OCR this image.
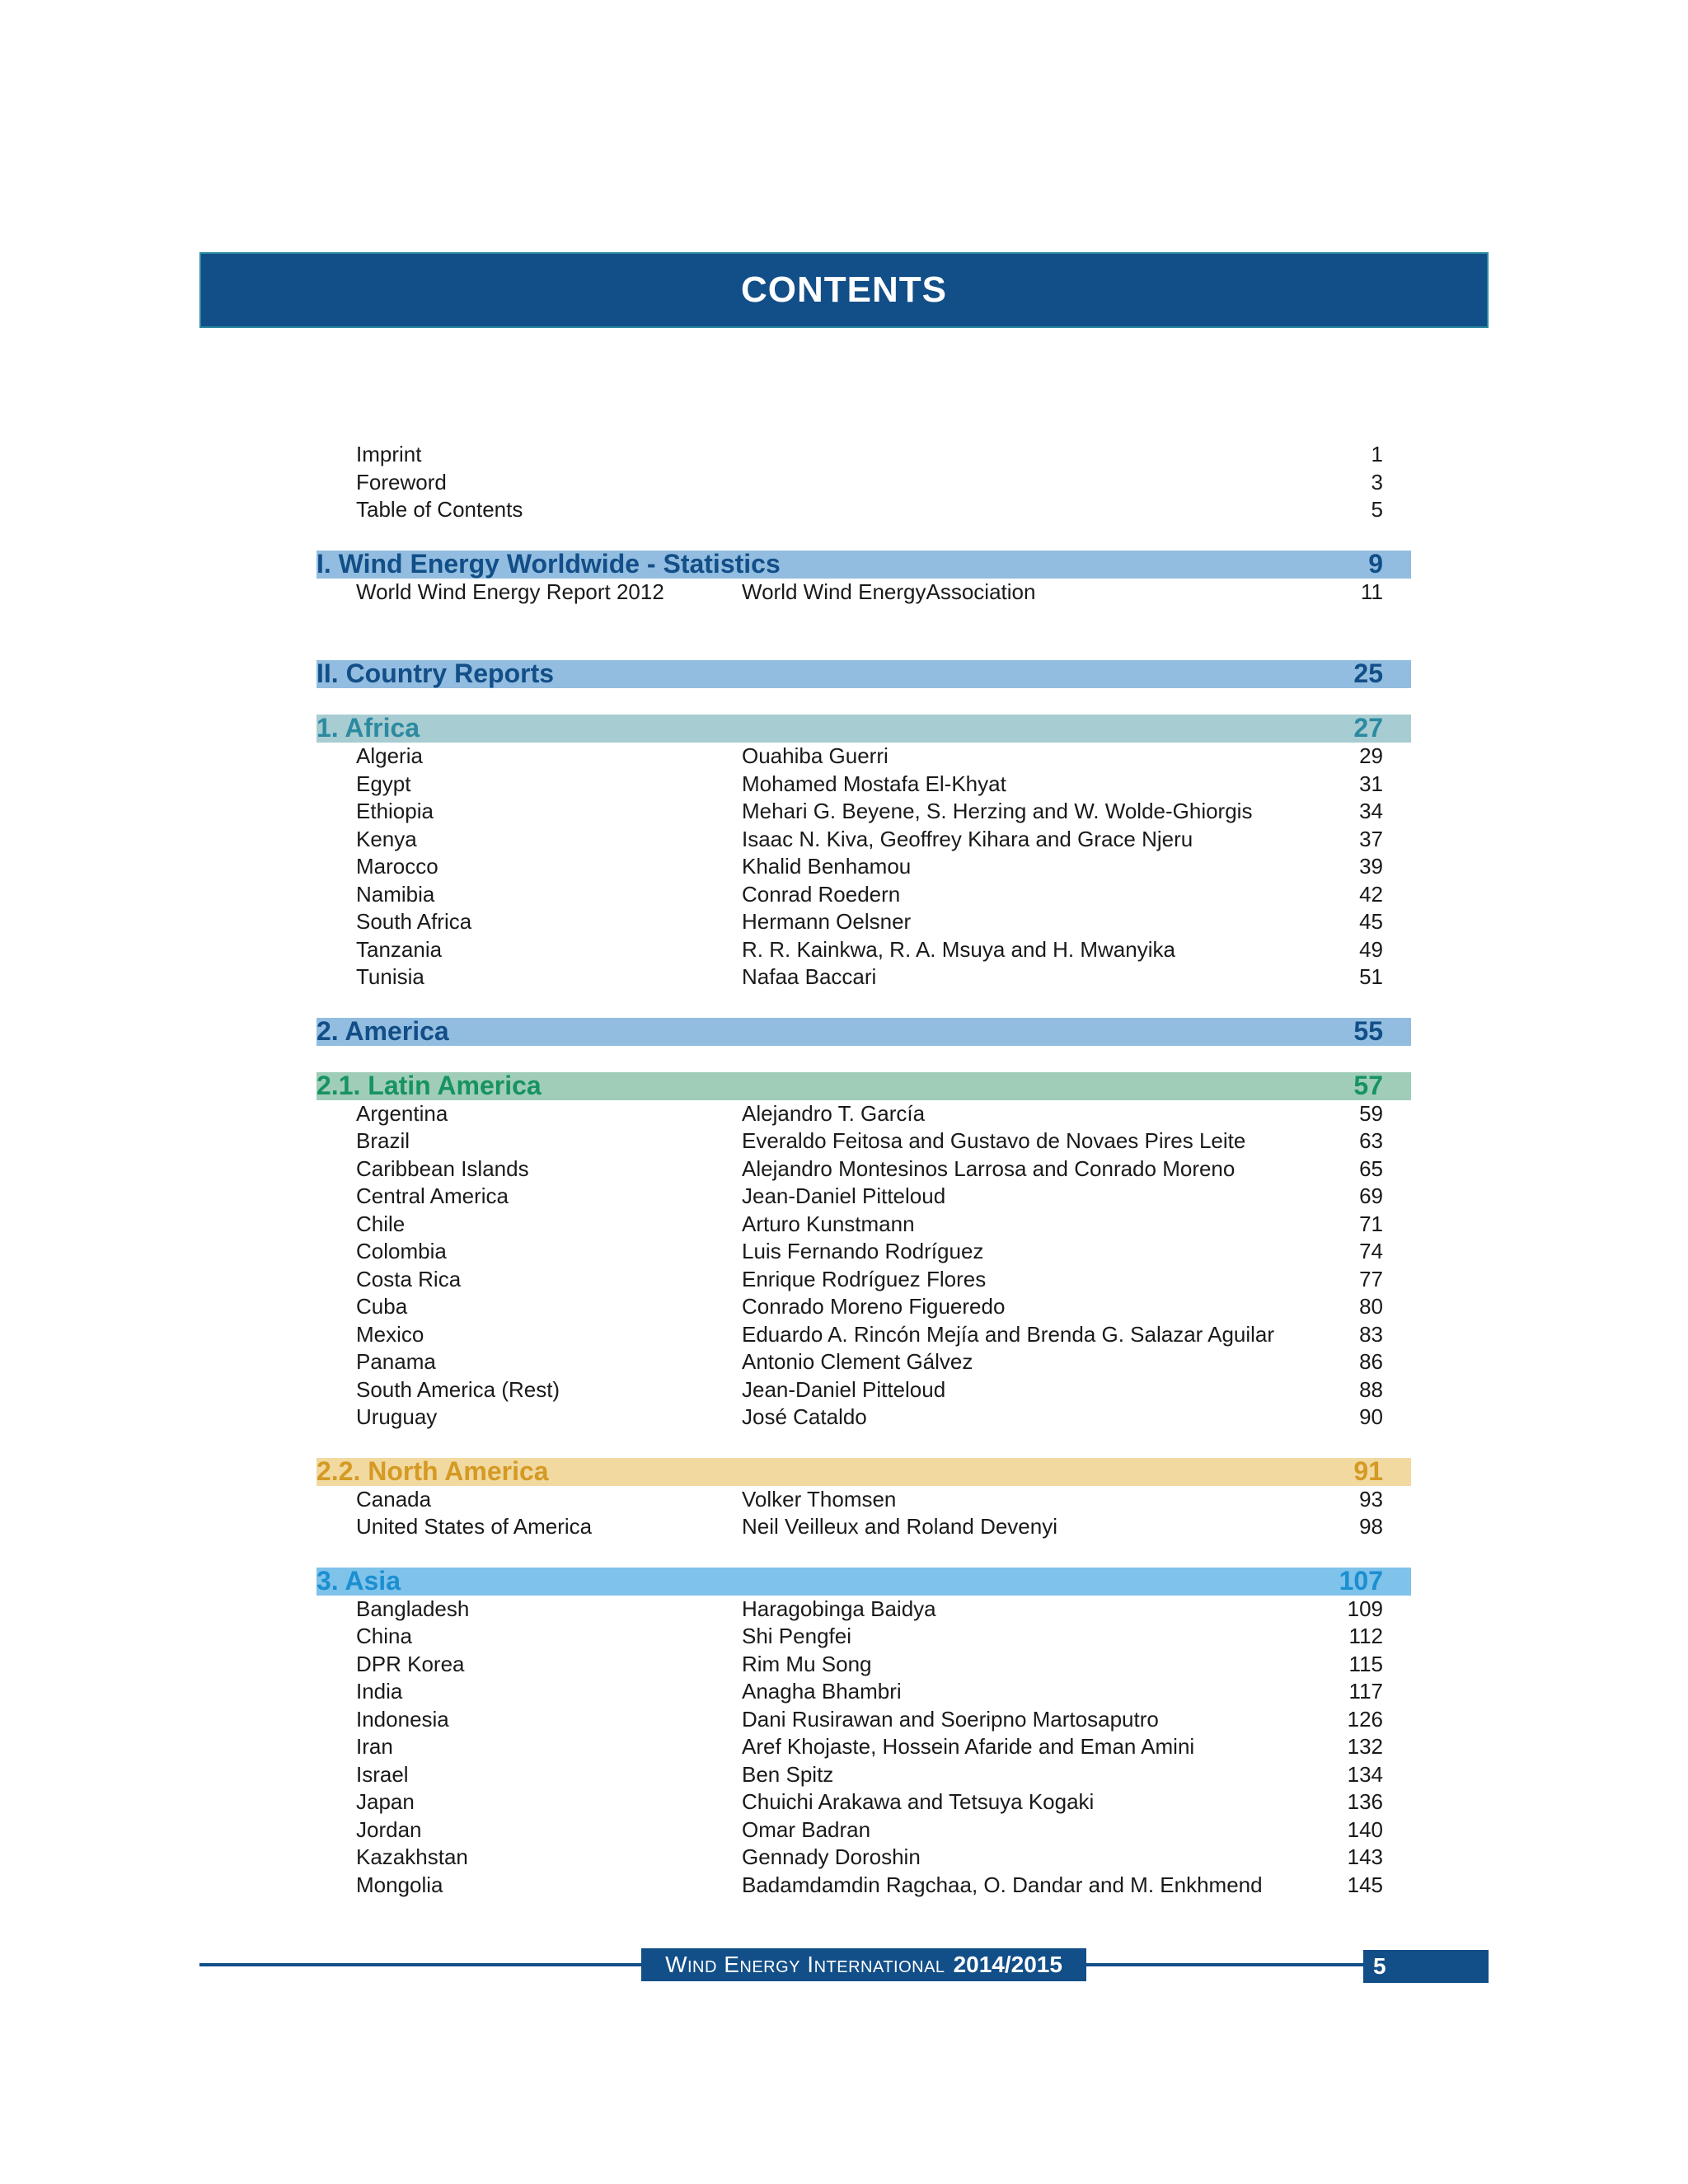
CONTENTS
Imprint	1
Foreword	3
Table of Contents	5
I. Wind Energy Worldwide - Statistics	9
World Wind Energy Report 2012	World Wind EnergyAssociation	11
II. Country Reports	25
1. Africa	27
Algeria	Ouahiba Guerri	29
Egypt	Mohamed Mostafa El-Khyat	31
Ethiopia	Mehari G. Beyene, S. Herzing and W. Wolde-Ghiorgis	34
Kenya	Isaac N. Kiva, Geoffrey Kihara and Grace Njeru	37
Marocco	Khalid Benhamou	39
Namibia	Conrad Roedern	42
South Africa	Hermann Oelsner	45
Tanzania	R. R. Kainkwa, R. A. Msuya and H. Mwanyika	49
Tunisia	Nafaa Baccari	51
2. America	55
2.1. Latin America	57
Argentina	Alejandro T. García	59
Brazil	Everaldo Feitosa and Gustavo de Novaes Pires Leite	63
Caribbean Islands	Alejandro Montesinos Larrosa and Conrado Moreno	65
Central America	Jean-Daniel Pitteloud	69
Chile	Arturo Kunstmann	71
Colombia	Luis Fernando Rodríguez	74
Costa Rica	Enrique Rodríguez Flores	77
Cuba	Conrado Moreno Figueredo	80
Mexico	Eduardo A. Rincón Mejía and Brenda G. Salazar Aguilar	83
Panama	Antonio Clement Gálvez	86
South America (Rest)	Jean-Daniel Pitteloud	88
Uruguay	José Cataldo	90
2.2. North America	91
Canada	Volker Thomsen	93
United States of America	Neil Veilleux and Roland Devenyi	98
3. Asia	107
Bangladesh	Haragobinga Baidya	109
China	Shi Pengfei	112
DPR Korea	Rim Mu Song	115
India	Anagha Bhambri	117
Indonesia	Dani Rusirawan and Soeripno Martosaputro	126
Iran	Aref Khojaste, Hossein Afaride and Eman Amini	132
Israel	Ben Spitz	134
Japan	Chuichi Arakawa and Tetsuya Kogaki	136
Jordan	Omar Badran	140
Kazakhstan	Gennady Doroshin	143
Mongolia	Badamdamdin Ragchaa, O. Dandar and M. Enkhmend	145
Wind Energy International 2014/2015	5
